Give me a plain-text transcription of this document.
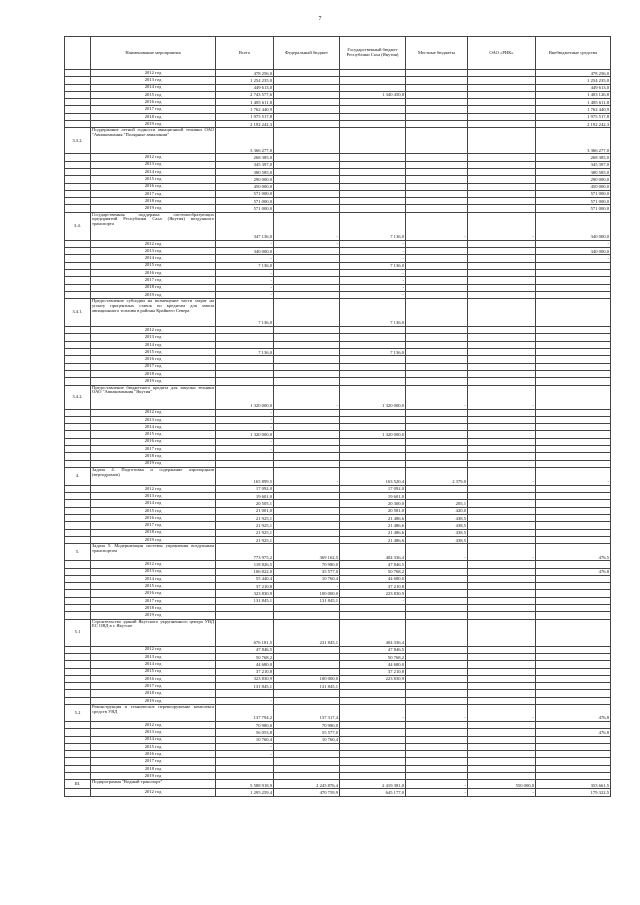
7
	Наименование мероприятия	Всего	Федеральный бюджет	Государственный бюджет Республики Саха (Якутия)	Местные бюджеты	ОАО «РИК»	Внебюджетные средства
	2012 год	478 256,0					478 256,0
	2013 год	1 254 235,0					1 254 235,0
	2014 год	449 613,0					449 613,0
	2015 год	2 743 577,6		1 340 450,8			1 403 126,8
	2016 год	1 485 611,8					1 485 611,8
	2017 год	1 762 440,9					1 762 440,9
	2018 год	1 975 517,8					1 975 517,8
	2019 год	2 192 242,3					2 192 242,3
3.3.2.	Поддержание летной годности авиационной техники ОАО "Авиакомпания "Полярные авиалинии"	3 366 277,0					3 366 277,0
	2012 год	268 385,0					268 385,0
	2013 год	345 397,0					345 397,0
	2014 год	380 585,0					380 585,0
	2015 год	290 000,0					290 000,0
	2016 год	450 000,0					450 000,0
	2017 год	571 000,0					571 000,0
	2018 год	571 000,0					571 000,0
	2019 год	571 000,0					571 000,0
3.4.	Государственная поддержка системообразующих предприятий Республики Саха (Якутия) воздушного транспорта	347 136,0	-	7 136,0	-	-	340 000,0
	2012 год	-	-	-			-
	2013 год	340 000,0		-			340 000,0
	2014 год	-		-			-
	2015 год	7 136,0		7 136,0			
	2016 год	-		-			
	2017 год	-		-			
	2018 год	-		-			
	2019 год	-		-			
3.4.1.	Предоставление субсидии на возмещение части затрат на уплату процентных ставок по кредитам для завоза авиационного топлива в районы Крайнего Севера	7 136,0		7 136,0			
	2012 год						
	2013 год						
	2014 год						
	2015 год	7 136,0		7 136,0			
	2016 год						
	2017 год						
	2018 год						
	2019 год						
3.4.2.	Предоставление бюджетного кредита для закупки техники ОАО "Авиакомпания "Якутия"	1 320 000,0	-	1 320 000,0	-	-	
	2012 год	-					
	2013 год	-					
	2014 год	-					
	2015 год	1 320 000,0		1 320 000,0			
	2016 год	-					
	2017 год	-					
	2018 год						
	2019 год						
4.	Задача 4. Подготовка и содержание аэропорцнов (вертодромов)	165 899,5	-	163 520,4	2 379,0	-	-
	2012 год	17 092,0		17 092,0			
	2013 год	19 601,0		19 601,0			
	2014 год	20 505,1		20 300,0	205,1		
	2015 год	21 001,0		20 581,0	420,0		
	2016 год	21 925,1		21 486,6	438,5		
	2017 год	21 925,1		21 486,6	438,5		
	2018 год	21 925,1		21 486,6	438,5		
	2019 год	21 925,1		21 486,6	438,5		
5.	Задача 5. Модернизация системы управления воздушным транспортом	773 975,2	369 162,5	404 336,4	-	-	476,5
	2012 год	118 826,5	70 980,0	47 846,5			
	2013 год	106 822,0	35 577,0	50 768,2			476,8
	2014 год	55 440,4	10 760,4	44 680,0			
	2015 год	37 210,8	-	37 210,8			
	2016 год	323 830,9	100 000,0	223 830,9			
	2017 год	131 845,1	131 845,1	-			
	2018 год						
	2019 год						
5.1	Строительство зданий Якутского укрупненного центра УВД ЕС ОВД в г. Якутске	676 181,5	231 845,1	404 336,4			
	2012 год	47 846,5		47 846,5			
	2013 год	50 768,2		50 768,2			
	2014 год	44 680,0		44 680,0			
	2015 год	37 210,8		37 210,8			
	2016 год	323 830,9	100 000,0	223 830,9			
	2017 год	131 845,1	131 845,1				
	2018 год						
	2019 год	-					
5.2	Реконструкция и техническое перевооружение комплекса средств УВД	137 794,2	137 317,4	-	-	-	476,8
	2012 год	70 980,0	70 980,0				
	2013 год	56 053,8	55 577,0				476,8
	2014 год	10 760,4	10 760,4				
	2015 год	-					
	2016 год	-					
	2017 год						
	2018 год						
	2019 год						
III.	Подпрограмма "Водный транспорт"	5 588 918,9	2 245 876,4	2 419 381,0	-	550 000,0	353 661,5
	2012 год	1 295 259,4	470 759,9	645 177,0	-	-	179 322,5
